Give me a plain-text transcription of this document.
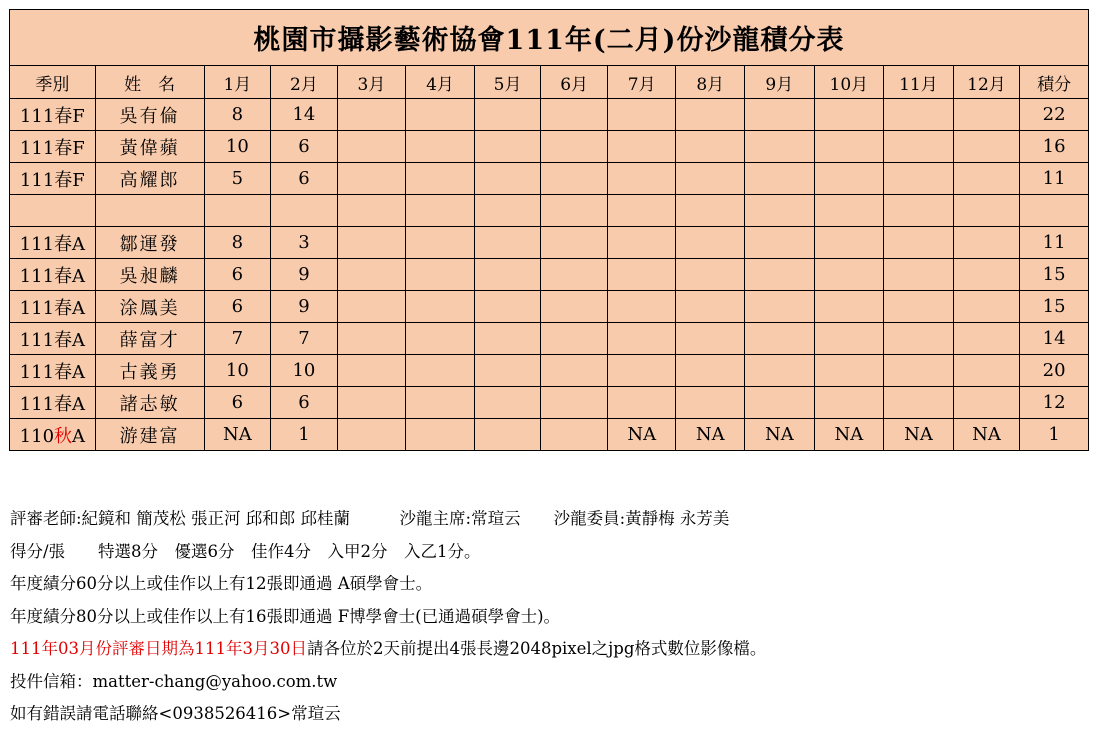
桃園市攝影藝術協會111年(二月)份沙龍積分表														
季別	姓　名	1月	2月	3月	4月	5月	6月	7月	8月	9月	10月	11月	12月	積分
111春F	吳有倫	8	14											22
111春F	黃偉蘋	10	6											16
111春F	高耀郎	5	6											11

111春A	鄒運發	8	3											11
111春A	吳昶麟	6	9											15
111春A	涂鳳美	6	9											15
111春A	薛富才	7	7											14
111春A	古義勇	10	10											20
111春A	諸志敏	6	6											12
110秋A	游建富	NA	1					NA	NA	NA	NA	NA	NA	1
評審老師:紀鏡和 簡茂松 張正河 邱和郎 邱桂蘭　　　沙龍主席:常瑄云　　沙龍委員:黃靜梅 永芳美
得分/張　　特選8分　優選6分　佳作4分　入甲2分　入乙1分。
年度績分60分以上或佳作以上有12張即通過 A碩學會士。
年度績分80分以上或佳作以上有16張即通過 F博學會士(已通過碩學會士)。
111年03月份評審日期為111年3月30日請各位於2天前提出4張長邊2048pixel之jpg格式數位影像檔。
投件信箱：matter-chang@yahoo.com.tw
如有錯誤請電話聯絡<0938526416>常瑄云
